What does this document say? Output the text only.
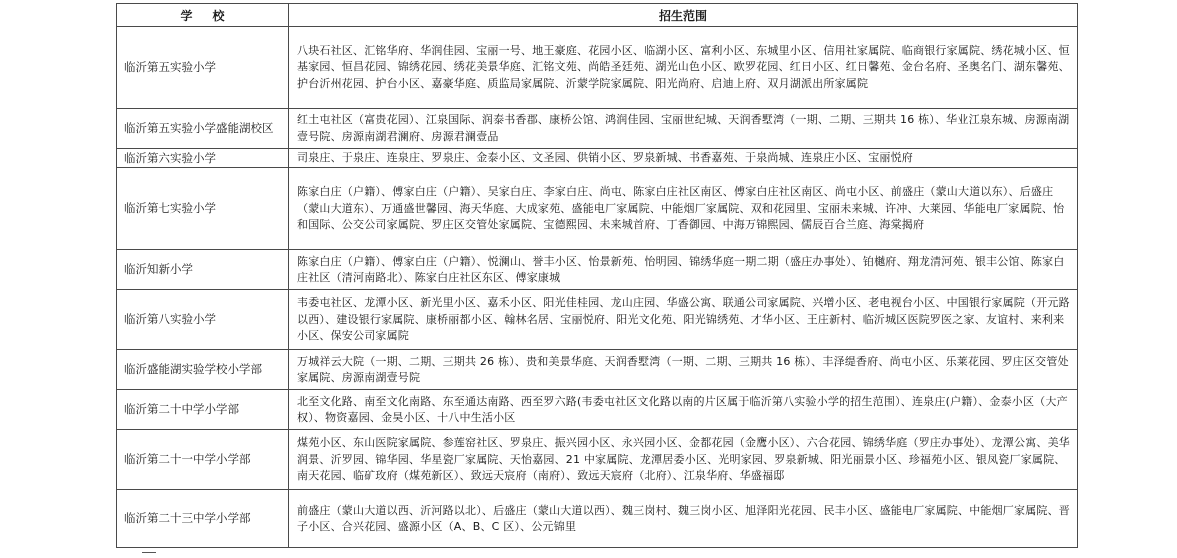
学校	招生范围
临沂第五实验小学	八块石社区、汇铭华府、华润佳园、宝丽一号、地王豪庭、花园小区、临湖小区、富利小区、东城里小区、信用社家属院、临商银行家属院、绣花城小区、恒基家园、恒昌花园、锦绣花园、绣花美景华庭、汇铭文苑、尚皓圣廷苑、湖光山色小区、欧罗花园、红日小区、红日馨苑、金台名府、圣奥名门、湖东馨苑、护台沂州花园、护台小区、嘉豪华庭、质监局家属院、沂蒙学院家属院、阳光尚府、启迪上府、双月湖派出所家属院
临沂第五实验小学盛能湖校区	红土屯社区（富贵花园）、江泉国际、润泰书香郡、康桥公馆、鸿润佳园、宝丽世纪城、天润香墅湾（一期、二期、三期共 16 栋）、华业江泉东城、房源南湖壹号院、房源南湖君澜府、房源君澜壹品
临沂第六实验小学	司泉庄、于泉庄、连泉庄、罗泉庄、金泰小区、文圣园、供销小区、罗泉新城、书香嘉苑、于泉尚城、连泉庄小区、宝丽悦府
临沂第七实验小学	陈家白庄（户籍）、傅家白庄（户籍）、吴家白庄、李家白庄、尚屯、陈家白庄社区南区、傅家白庄社区南区、尚屯小区、前盛庄（蒙山大道以东）、后盛庄（蒙山大道东）、万通盛世馨园、海天华庭、大成家苑、盛能电厂家属院、中能烟厂家属院、双和花园里、宝丽未来城、许冲、大莱园、华能电厂家属院、怡和国际、公交公司家属院、罗庄区交管处家属院、宝德熙园、未来城首府、丁香御园、中海万锦熙园、儒辰百合兰庭、海棠揭府
临沂知新小学	陈家白庄（户籍）、傅家白庄（户籍）、悦澜山、誉丰小区、怡景新苑、怡明园、锦绣华庭一期二期（盛庄办事处）、铂樾府、翔龙清河苑、银丰公馆、陈家白庄社区（清河南路北）、陈家白庄社区东区、傅家康城
临沂第八实验小学	韦委屯社区、龙潭小区、新光里小区、嘉禾小区、阳光佳桂园、龙山庄园、华盛公寓、联通公司家属院、兴增小区、老电视台小区、中国银行家属院（开元路以西）、建设银行家属院、康桥丽都小区、翰林名居、宝丽悦府、阳光文化苑、阳光锦绣苑、才华小区、王庄新村、临沂城区医院罗医之家、友谊村、来利来小区、保安公司家属院
临沂盛能湖实验学校小学部	万城祥云大院（一期、二期、三期共 26 栋）、贵和美景华庭、天润香墅湾（一期、二期、三期共 16 栋）、丰泽缇香府、尚屯小区、乐莱花园、罗庄区交管处家属院、房源南湖壹号院
临沂第二十中学小学部	北至文化路、南至文化南路、东至通达南路、西至罗六路(韦委屯社区文化路以南的片区属于临沂第八实验小学的招生范围）、连泉庄(户籍）、金泰小区（大产权）、物资嘉园、金昊小区、十八中生活小区
临沂第二十一中学小学部	煤苑小区、东山医院家属院、参莲窑社区、罗泉庄、振兴园小区、永兴园小区、金都花园（金鹰小区）、六合花园、锦绣华庭（罗庄办事处）、龙潭公寓、美华润景、沂罗园、锦华园、华星瓷厂家属院、天怡嘉园、21 中家属院、龙潭居委小区、光明家园、罗泉新城、阳光丽景小区、珍福苑小区、银凤瓷厂家属院、南天花园、临矿玫府（煤苑新区）、致远天宸府（南府）、致远天宸府（北府）、江泉华府、华盛福邸
临沂第二十三中学小学部	前盛庄（蒙山大道以西、沂河路以北）、后盛庄（蒙山大道以西）、魏三岗村、魏三岗小区、旭泽阳光花园、民丰小区、盛能电厂家属院、中能烟厂家属院、晋子小区、合兴花园、盛源小区（A、B、C 区）、公元锦里
